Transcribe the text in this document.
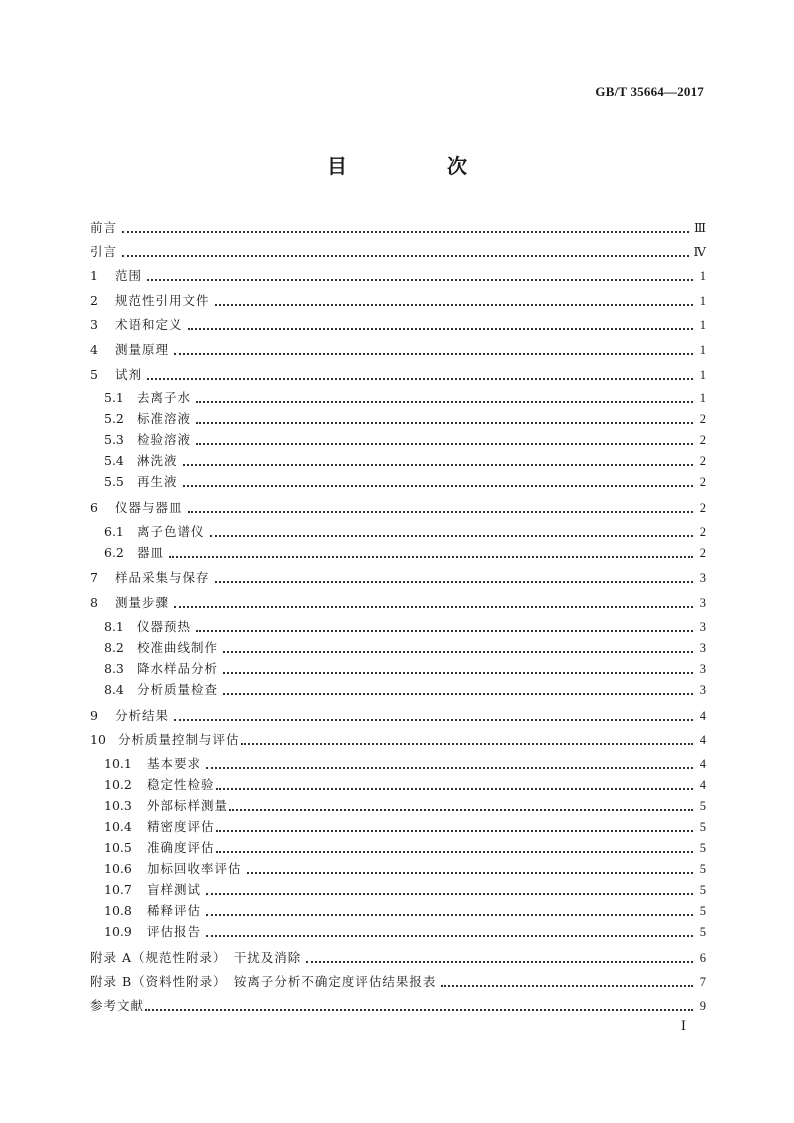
GB/T 35664—2017
目　次
前言	Ⅲ
引言	Ⅳ
1 范围	1
2 规范性引用文件	1
3 术语和定义	1
4 测量原理	1
5 试剂	1
5.1 去离子水	1
5.2 标准溶液	2
5.3 检验溶液	2
5.4 淋洗液	2
5.5 再生液	2
6 仪器与器皿	2
6.1 离子色谱仪	2
6.2 器皿	2
7 样品采集与保存	3
8 测量步骤	3
8.1 仪器预热	3
8.2 校准曲线制作	3
8.3 降水样品分析	3
8.4 分析质量检查	3
9 分析结果	4
10 分析质量控制与评估	4
10.1 基本要求	4
10.2 稳定性检验	4
10.3 外部标样测量	5
10.4 精密度评估	5
10.5 准确度评估	5
10.6 加标回收率评估	5
10.7 盲样测试	5
10.8 稀释评估	5
10.9 评估报告	5
附录 A（规范性附录）　干扰及消除	6
附录 B（资料性附录）　铵离子分析不确定度评估结果报表	7
参考文献	9
Ⅰ
